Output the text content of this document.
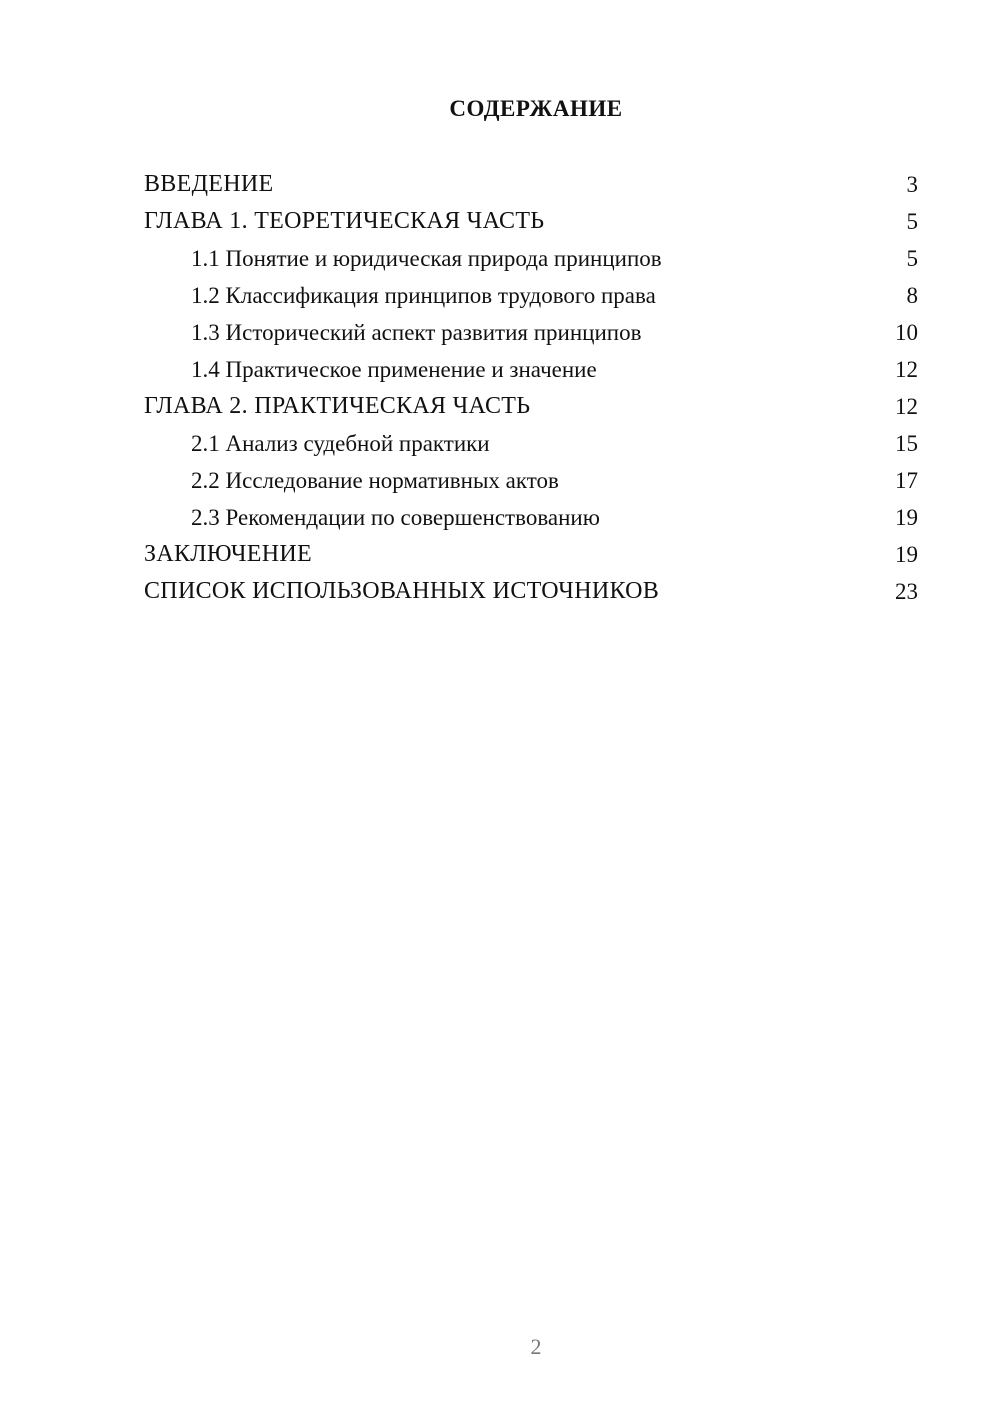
СОДЕРЖАНИЕ
ВВЕДЕНИЕ	3
ГЛАВА 1. ТЕОРЕТИЧЕСКАЯ ЧАСТЬ	5
1.1 Понятие и юридическая природа принципов	5
1.2 Классификация принципов трудового права	8
1.3 Исторический аспект развития принципов	10
1.4 Практическое применение и значение	12
ГЛАВА 2. ПРАКТИЧЕСКАЯ ЧАСТЬ	12
2.1 Анализ судебной практики	15
2.2 Исследование нормативных актов	17
2.3 Рекомендации по совершенствованию	19
ЗАКЛЮЧЕНИЕ	19
СПИСОК ИСПОЛЬЗОВАННЫХ ИСТОЧНИКОВ	23
2
